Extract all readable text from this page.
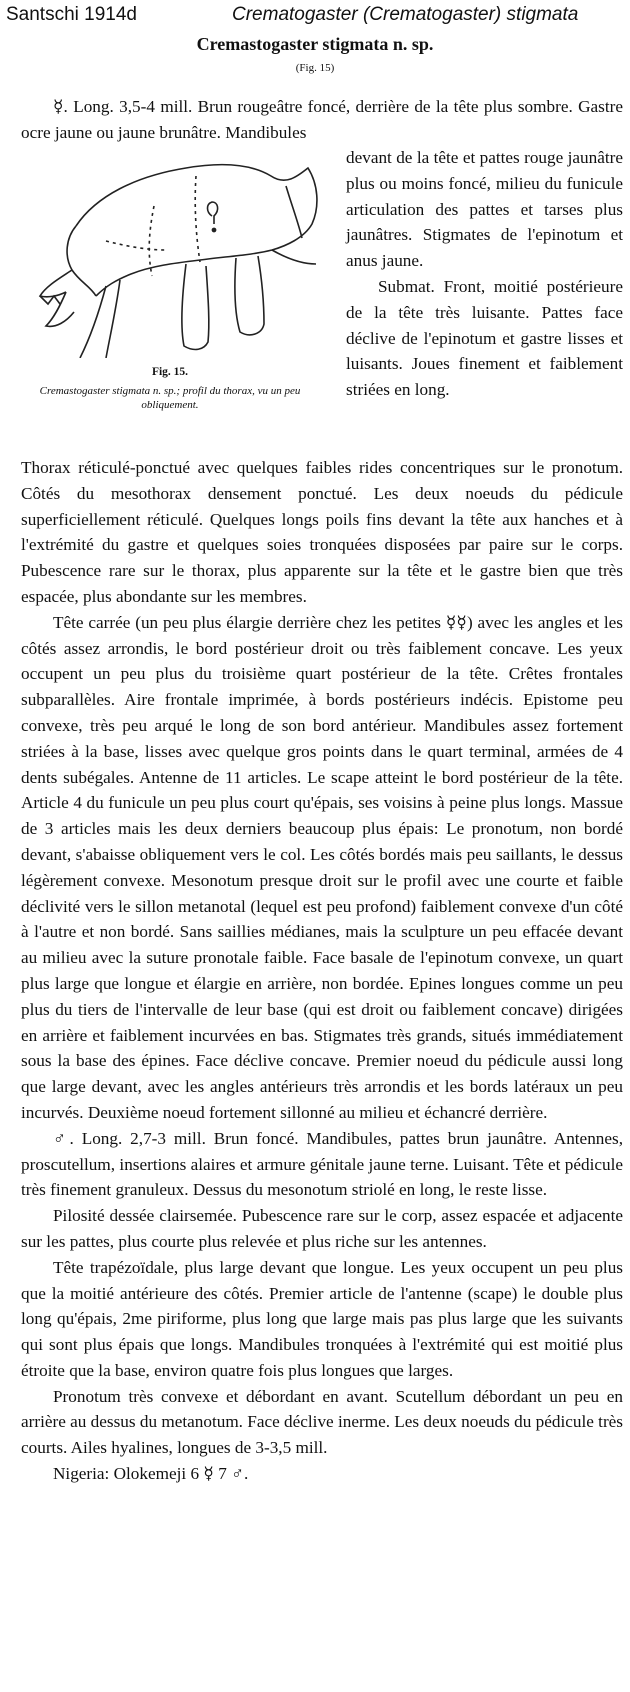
Santschi 1914d	Crematogaster (Crematogaster) stigmata
Cremastogaster stigmata n. sp.
(Fig. 15)

☿. Long. 3,5-4 mill. Brun rougeâtre foncé, derrière de la tête plus sombre. Gastre ocre jaune ou jaune brunâtre. Mandibules

Fig. 15.
Cremastogaster stigmata n. sp.; profil du thorax, vu un peu obliquement.

devant de la tête et pattes rouge jaunâtre plus ou moins foncé, milieu du funicule articulation des pattes et tarses plus jaunâtres. Stigmates de l'epinotum et anus jaune.

Submat. Front, moitié postérieure de la tête très luisante. Pattes face déclive de l'epinotum et gastre lisses et luisants. Joues finement et faiblement striées en long.

Thorax réticulé-ponctué avec quelques faibles rides concentriques sur le pronotum. Côtés du mesothorax densement ponctué. Les deux noeuds du pédicule superficiellement réticulé. Quelques longs poils fins devant la tête aux hanches et à l'extrémité du gastre et quelques soies tronquées disposées par paire sur le corps. Pubescence rare sur le thorax, plus apparente sur la tête et le gastre bien que très espacée, plus abondante sur les membres.

Tête carrée (un peu plus élargie derrière chez les petites ☿☿) avec les angles et les côtés assez arrondis, le bord postérieur droit ou très faiblement concave. Les yeux occupent un peu plus du troisième quart postérieur de la tête. Crêtes frontales subparallèles. Aire frontale imprimée, à bords postérieurs indécis. Epistome peu convexe, très peu arqué le long de son bord antérieur. Mandibules assez fortement striées à la base, lisses avec quelque gros points dans le quart terminal, armées de 4 dents subégales. Antenne de 11 articles. Le scape atteint le bord postérieur de la tête. Article 4 du funicule un peu plus court qu'épais, ses voisins à peine plus longs. Massue de 3 articles mais les deux derniers beaucoup plus épais: Le pronotum, non bordé devant, s'abaisse obliquement vers le col. Les côtés bordés mais peu saillants, le dessus légèrement convexe. Mesonotum presque droit sur le profil avec une courte et faible déclivité vers le sillon metanotal (lequel est peu profond) faiblement convexe d'un côté à l'autre et non bordé. Sans saillies médianes, mais la sculpture un peu effacée devant au milieu avec la suture pronotale faible. Face basale de l'epinotum convexe, un quart plus large que longue et élargie en arrière, non bordée. Epines longues comme un peu plus du tiers de l'intervalle de leur base (qui est droit ou faiblement concave) dirigées en arrière et faiblement incurvées en bas. Stigmates très grands, situés immédiatement sous la base des épines. Face déclive concave. Premier noeud du pédicule aussi long que large devant, avec les angles antérieurs très arrondis et les bords latéraux un peu incurvés. Deuxième noeud fortement sillonné au milieu et échancré derrière.

♂. Long. 2,7-3 mill. Brun foncé. Mandibules, pattes brun jaunâtre. Antennes, proscutellum, insertions alaires et armure génitale jaune terne. Luisant. Tête et pédicule très finement granuleux. Dessus du mesonotum striolé en long, le reste lisse.

Pilosité dessée clairsemée. Pubescence rare sur le corp, assez espacée et adjacente sur les pattes, plus courte plus relevée et plus riche sur les antennes.

Tête trapézoïdale, plus large devant que longue. Les yeux occupent un peu plus que la moitié antérieure des côtés. Premier article de l'antenne (scape) le double plus long qu'épais, 2me piriforme, plus long que large mais pas plus large que les suivants qui sont plus épais que longs. Mandibules tronquées à l'extrémité qui est moitié plus étroite que la base, environ quatre fois plus longues que larges.

Pronotum très convexe et débordant en avant. Scutellum débordant un peu en arrière au dessus du metanotum. Face déclive inerme. Les deux noeuds du pédicule très courts. Ailes hyalines, longues de 3-3,5 mill.

Nigeria: Olokemeji 6 ☿ 7 ♂.
